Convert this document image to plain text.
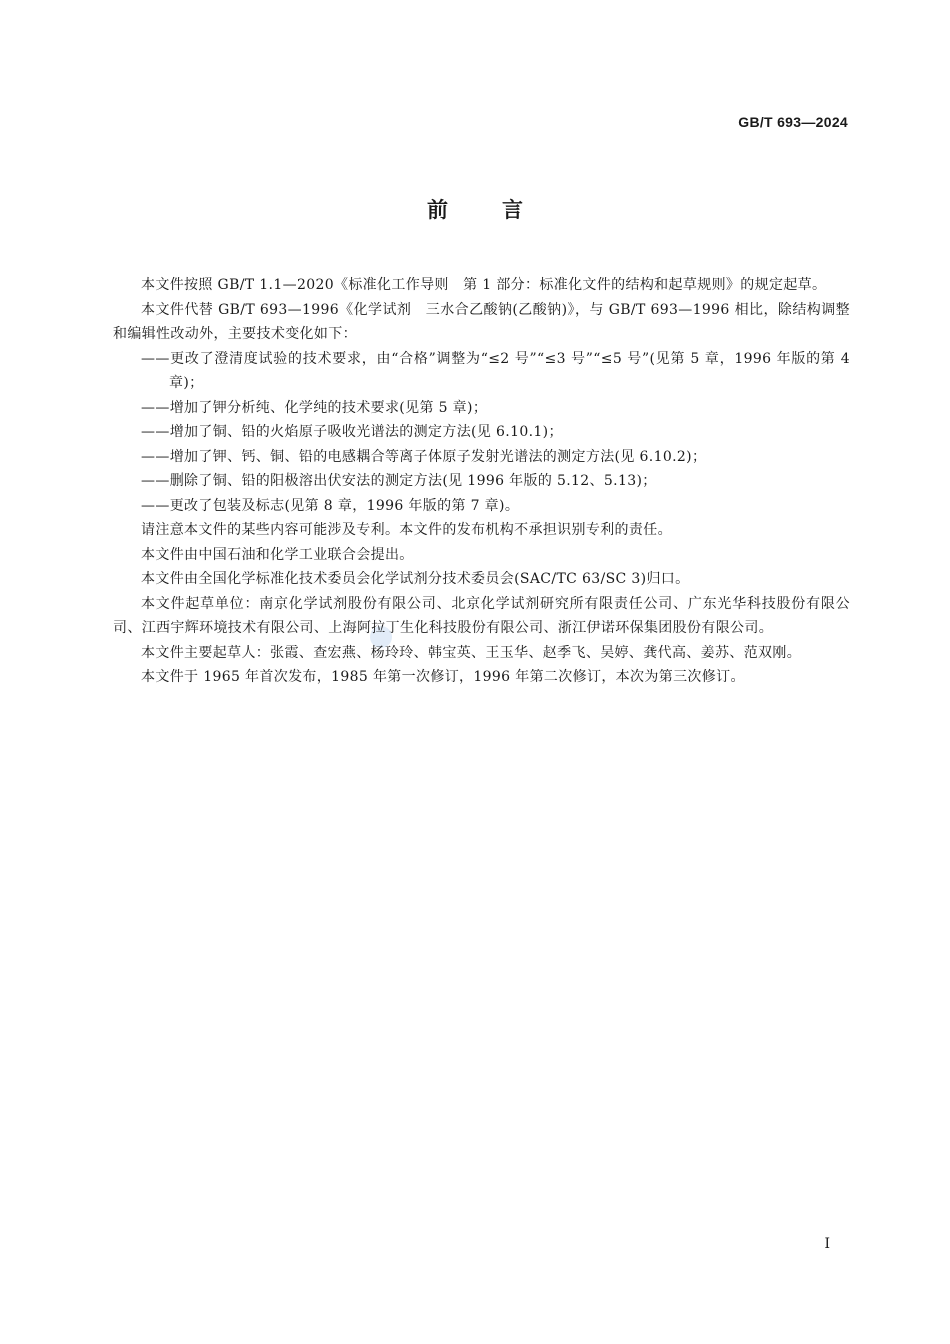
GB/T 693—2024
前言

本文件按照 GB/T 1.1—2020《标准化工作导则　第 1 部分：标准化文件的结构和起草规则》的规定起草。

本文件代替 GB/T 693—1996《化学试剂　三水合乙酸钠(乙酸钠)》，与 GB/T 693—1996 相比，除结构调整和编辑性改动外，主要技术变化如下：

——更改了澄清度试验的技术要求，由“合格”调整为“≤2 号”“≤3 号”“≤5 号”(见第 5 章，1996 年版的第 4 章)；

——增加了钾分析纯、化学纯的技术要求(见第 5 章)；

——增加了铜、铅的火焰原子吸收光谱法的测定方法(见 6.10.1)；

——增加了钾、钙、铜、铅的电感耦合等离子体原子发射光谱法的测定方法(见 6.10.2)；

——删除了铜、铅的阳极溶出伏安法的测定方法(见 1996 年版的 5.12、5.13)；

——更改了包装及标志(见第 8 章，1996 年版的第 7 章)。

请注意本文件的某些内容可能涉及专利。本文件的发布机构不承担识别专利的责任。

本文件由中国石油和化学工业联合会提出。

本文件由全国化学标准化技术委员会化学试剂分技术委员会(SAC/TC 63/SC 3)归口。

本文件起草单位：南京化学试剂股份有限公司、北京化学试剂研究所有限责任公司、广东光华科技股份有限公司、江西宇辉环境技术有限公司、上海阿拉丁生化科技股份有限公司、浙江伊诺环保集团股份有限公司。

本文件主要起草人：张霞、查宏燕、杨玲玲、韩宝英、王玉华、赵季飞、吴婷、龚代高、姜苏、范双刚。

本文件于 1965 年首次发布，1985 年第一次修订，1996 年第二次修订，本次为第三次修订。

I
